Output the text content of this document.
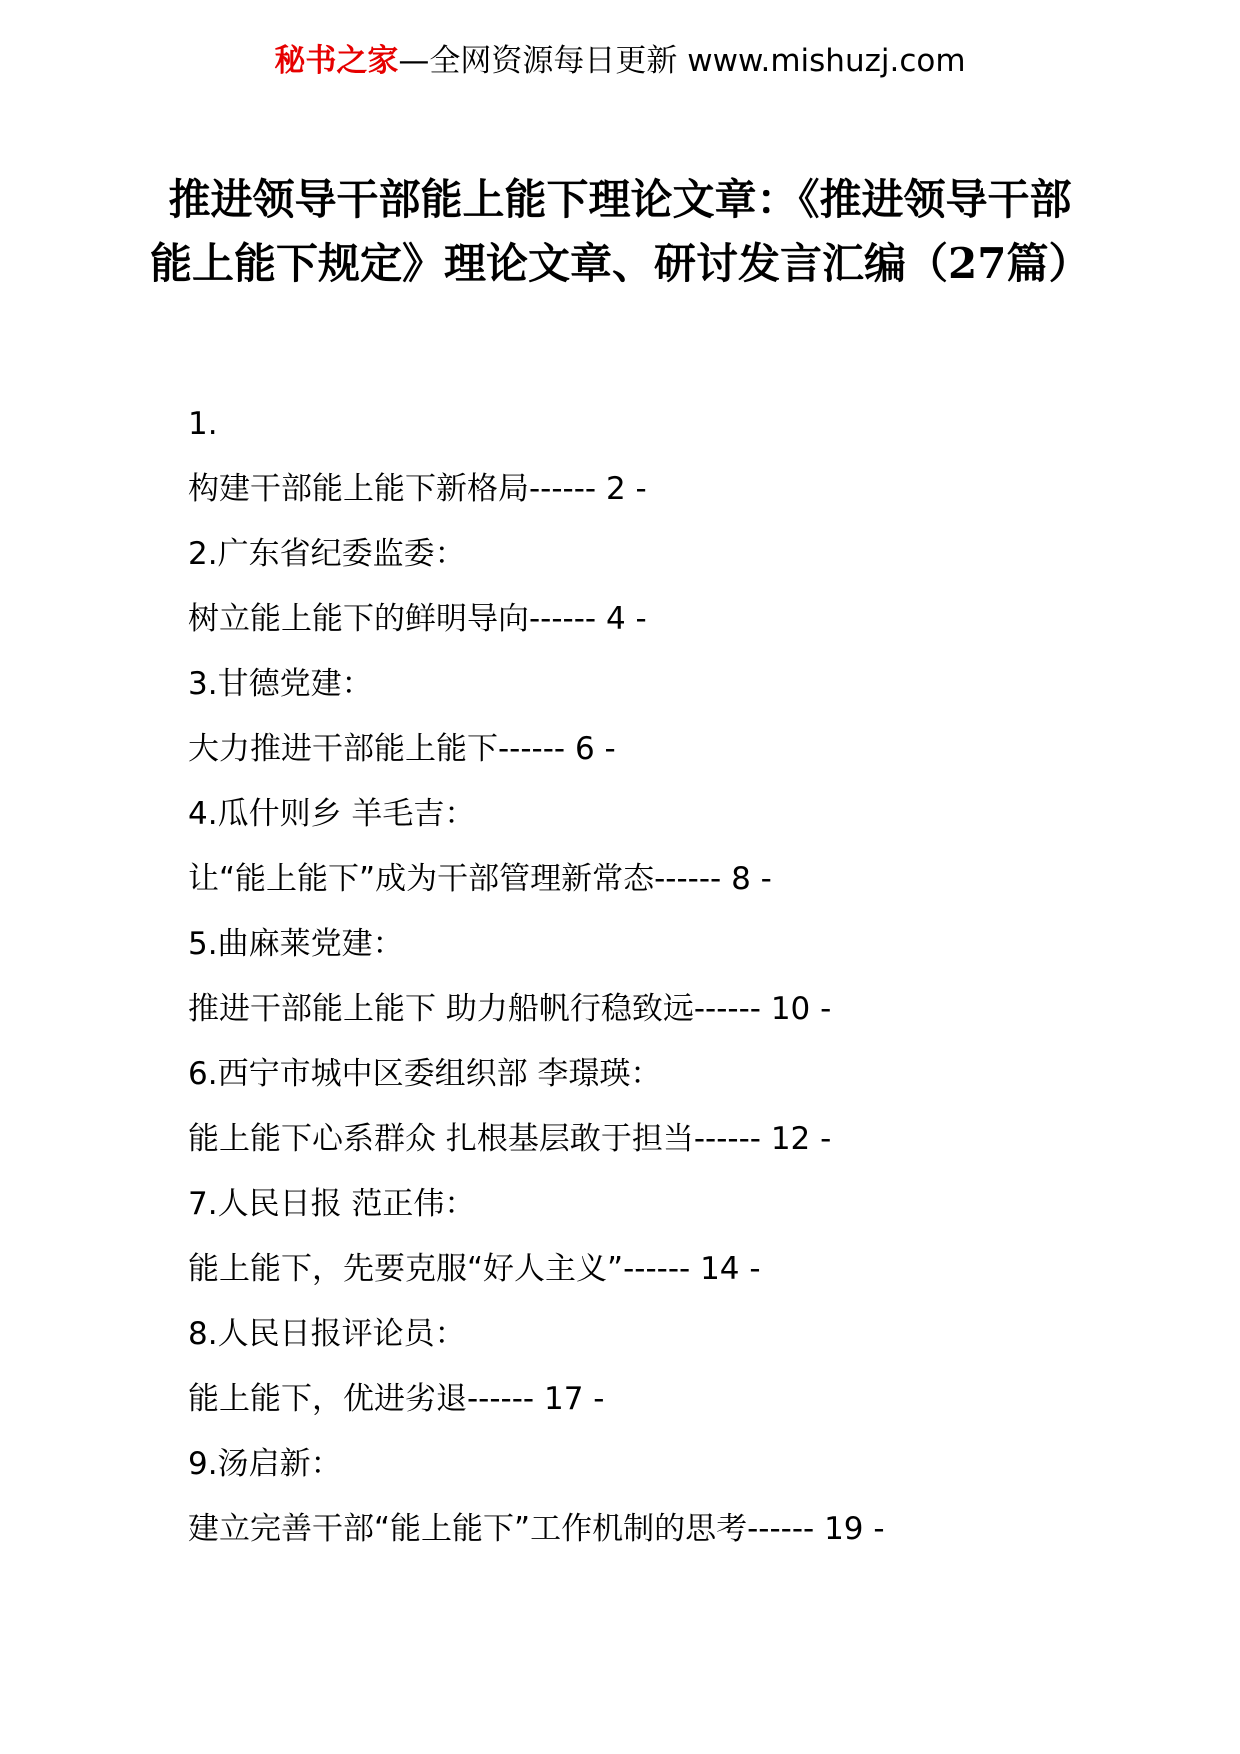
秘书之家—全网资源每日更新 www.mishuzj.com
推进领导干部能上能下理论文章：《推进领导干部能上能下规定》理论文章、研讨发言汇编（27篇）
1.
构建干部能上能下新格局------ 2 -
2.广东省纪委监委：
树立能上能下的鲜明导向------ 4 -
3.甘德党建：
大力推进干部能上能下------ 6 -
4.瓜什则乡 羊毛吉：
让“能上能下”成为干部管理新常态------ 8 -
5.曲麻莱党建：
推进干部能上能下 助力船帆行稳致远------ 10 -
6.西宁市城中区委组织部 李璟瑛：
能上能下心系群众 扎根基层敢于担当------ 12 -
7.人民日报 范正伟：
能上能下，先要克服“好人主义”------ 14 -
8.人民日报评论员：
能上能下，优进劣退------ 17 -
9.汤启新：
建立完善干部“能上能下”工作机制的思考------ 19 -
